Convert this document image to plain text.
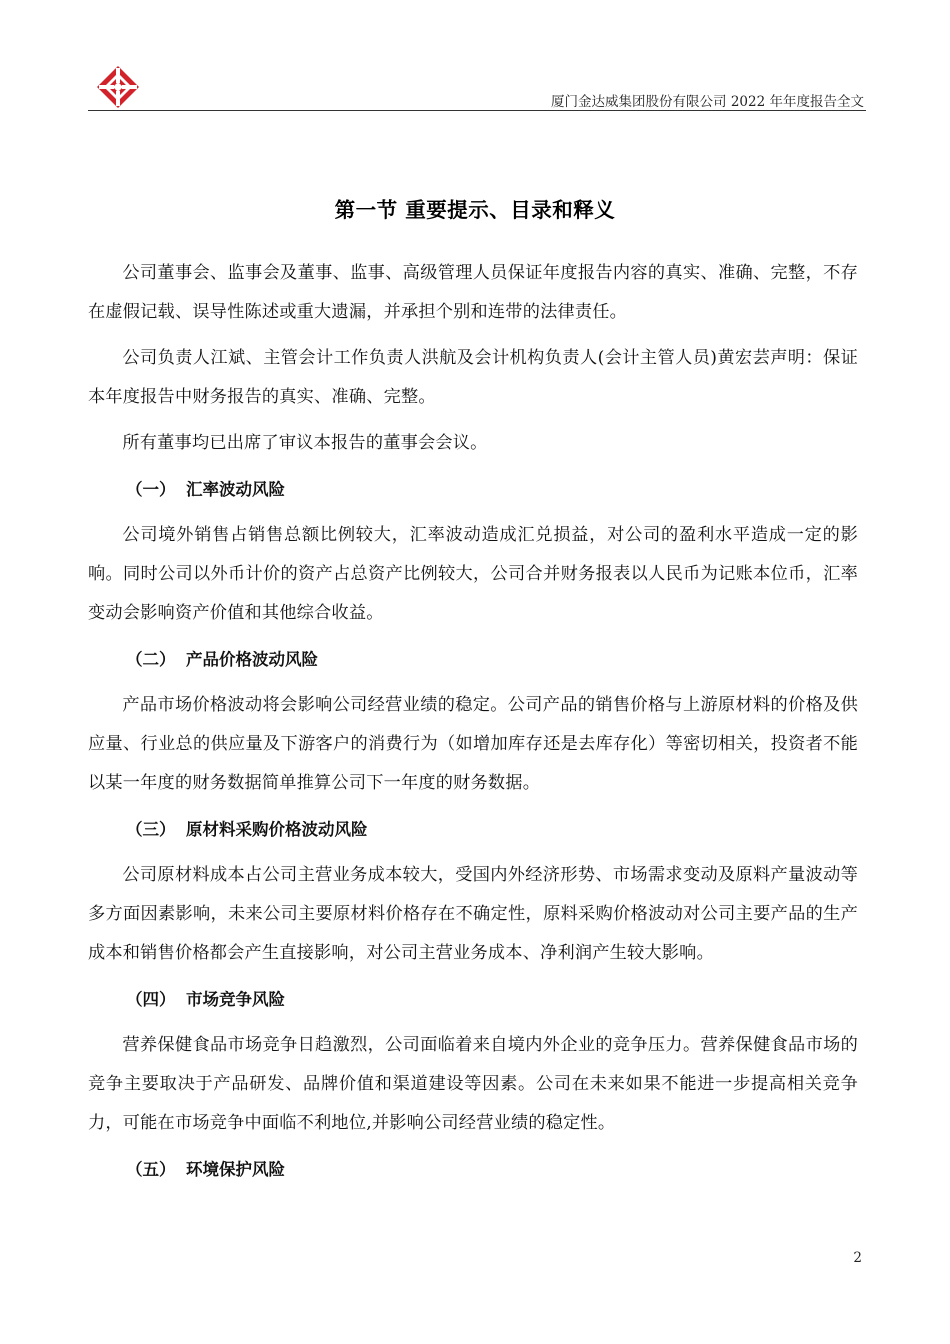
厦门金达威集团股份有限公司 2022 年年度报告全文
第一节 重要提示、目录和释义

公司董事会、监事会及董事、监事、高级管理人员保证年度报告内容的真实、准确、完整，不存在虚假记载、误导性陈述或重大遗漏，并承担个别和连带的法律责任。

公司负责人江斌、主管会计工作负责人洪航及会计机构负责人(会计主管人员)黄宏芸声明：保证本年度报告中财务报告的真实、准确、完整。

所有董事均已出席了审议本报告的董事会会议。

（一） 汇率波动风险

公司境外销售占销售总额比例较大，汇率波动造成汇兑损益，对公司的盈利水平造成一定的影响。同时公司以外币计价的资产占总资产比例较大，公司合并财务报表以人民币为记账本位币，汇率变动会影响资产价值和其他综合收益。

（二） 产品价格波动风险

产品市场价格波动将会影响公司经营业绩的稳定。公司产品的销售价格与上游原材料的价格及供应量、行业总的供应量及下游客户的消费行为（如增加库存还是去库存化）等密切相关，投资者不能以某一年度的财务数据简单推算公司下一年度的财务数据。

（三） 原材料采购价格波动风险

公司原材料成本占公司主营业务成本较大，受国内外经济形势、市场需求变动及原料产量波动等多方面因素影响，未来公司主要原材料价格存在不确定性，原料采购价格波动对公司主要产品的生产成本和销售价格都会产生直接影响，对公司主营业务成本、净利润产生较大影响。

（四） 市场竞争风险

营养保健食品市场竞争日趋激烈，公司面临着来自境内外企业的竞争压力。营养保健食品市场的竞争主要取决于产品研发、品牌价值和渠道建设等因素。公司在未来如果不能进一步提高相关竞争力，可能在市场竞争中面临不利地位,并影响公司经营业绩的稳定性。

（五） 环境保护风险
2
